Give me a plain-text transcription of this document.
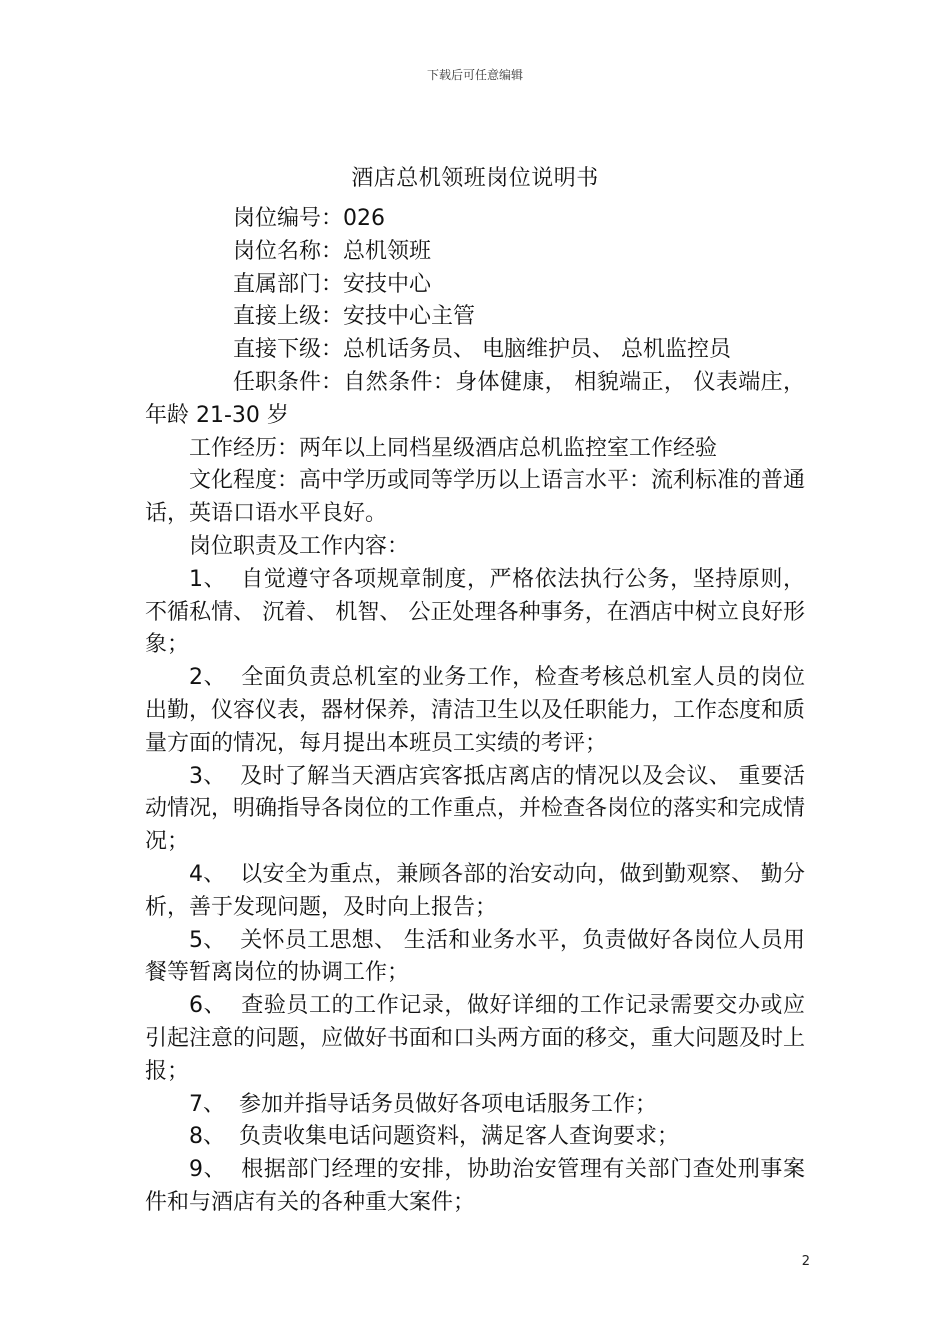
下载后可任意编辑
酒店总机领班岗位说明书

岗位编号：026

岗位名称：总机领班

直属部门：安技中心

直接上级：安技中心主管

直接下级：总机话务员、 电脑维护员、 总机监控员

任职条件：自然条件：身体健康， 相貌端正， 仪表端庄， 年龄 21-30 岁

工作经历：两年以上同档星级酒店总机监控室工作经验

文化程度：高中学历或同等学历以上语言水平：流利标准的普通话，英语口语水平良好。

岗位职责及工作内容：

1、  自觉遵守各项规章制度，严格依法执行公务，坚持原则，不循私情、 沉着、 机智、 公正处理各种事务，在酒店中树立良好形象；

2、  全面负责总机室的业务工作，检查考核总机室人员的岗位出勤，仪容仪表，器材保养，清洁卫生以及任职能力，工作态度和质量方面的情况，每月提出本班员工实绩的考评；

3、  及时了解当天酒店宾客抵店离店的情况以及会议、 重要活动情况，明确指导各岗位的工作重点，并检查各岗位的落实和完成情况；

4、  以安全为重点，兼顾各部的治安动向，做到勤观察、 勤分析，善于发现问题，及时向上报告；

5、  关怀员工思想、 生活和业务水平，负责做好各岗位人员用餐等暂离岗位的协调工作；

6、  查验员工的工作记录，做好详细的工作记录需要交办或应引起注意的问题，应做好书面和口头两方面的移交，重大问题及时上报；

7、  参加并指导话务员做好各项电话服务工作；

8、  负责收集电话问题资料，满足客人查询要求；

9、  根据部门经理的安排，协助治安管理有关部门查处刑事案件和与酒店有关的各种重大案件；

2
